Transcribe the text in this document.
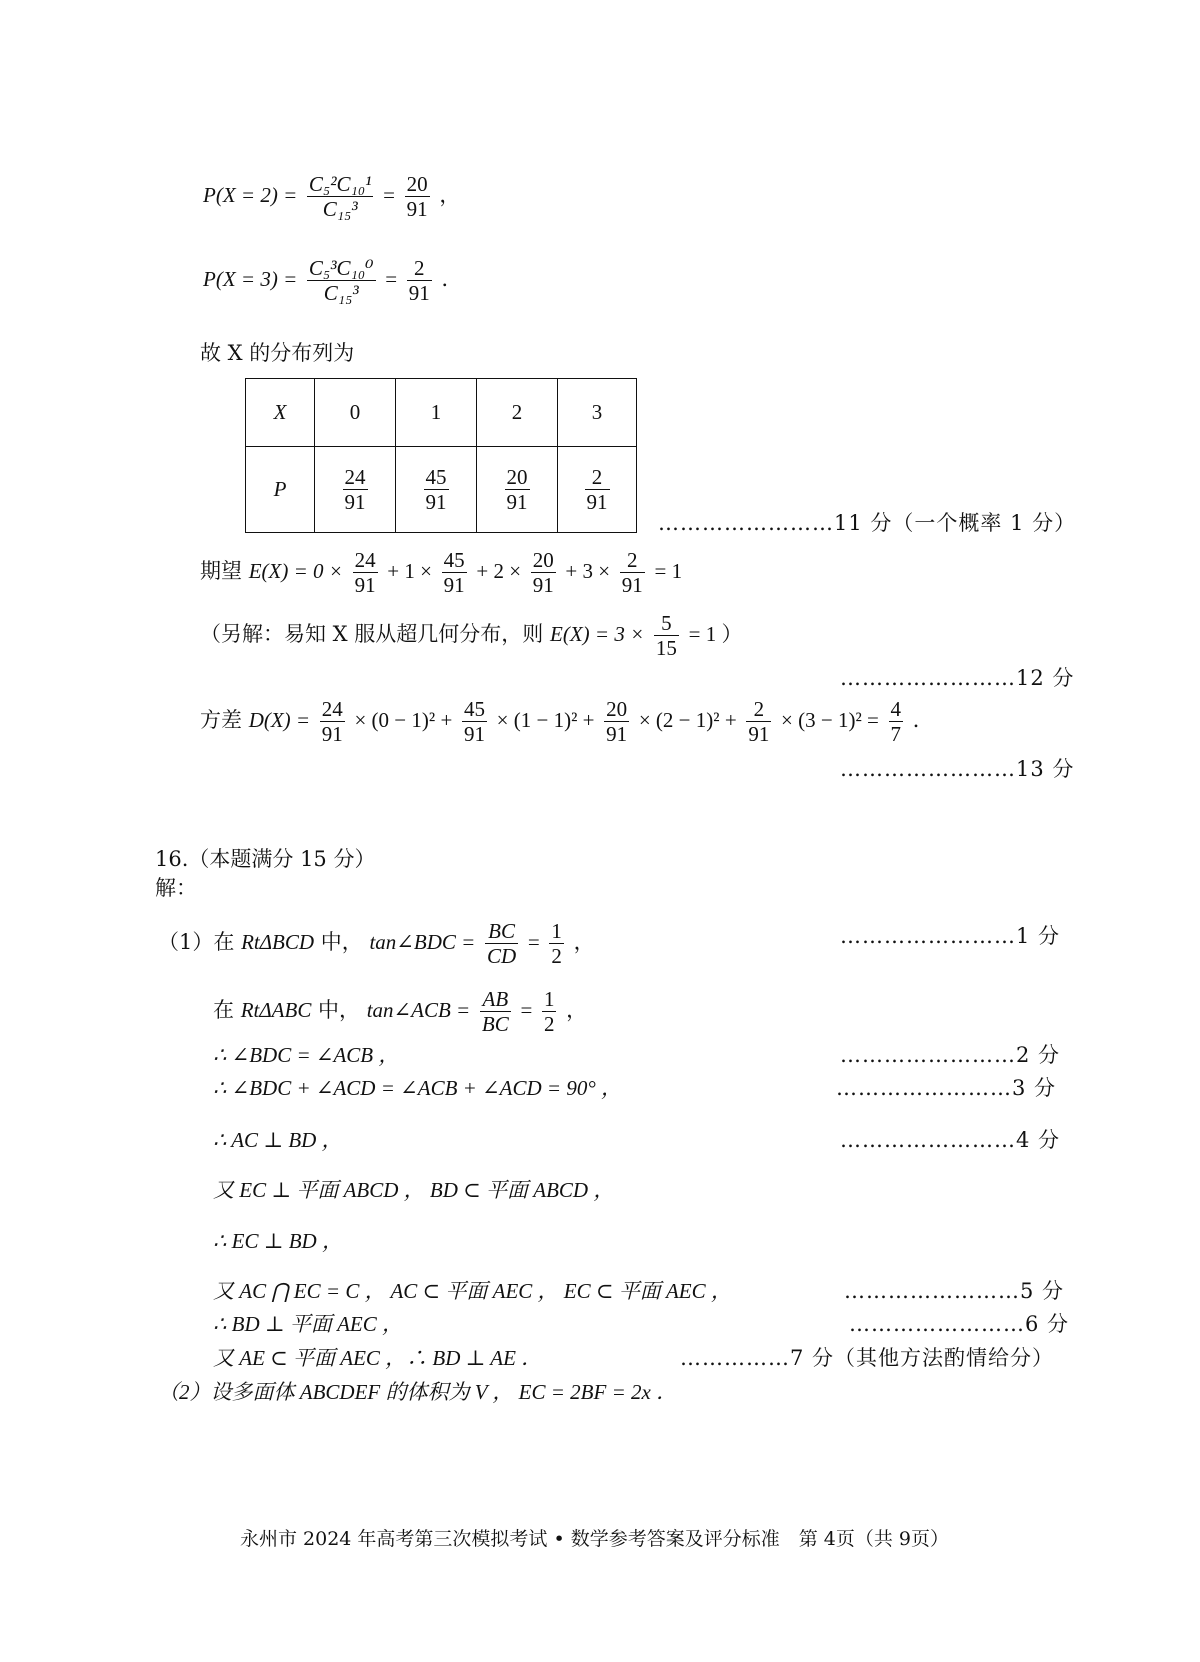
$P(X = 2) = \frac{\text{C₅²C₁₀¹}}{\text{C₁₅³}} = \frac{20}{91}$ ，
$P(X = 3) = \frac{\text{C₅³C₁₀⁰}}{\text{C₁₅³}} = \frac{2}{91}$ ．
故 X 的分布列为
X	0	1	2	3
P	$\frac{24}{91}$	$\frac{45}{91}$	$\frac{20}{91}$	$\frac{2}{91}$
……………………11 分（一个概率 1 分）
期望 $E(X) = 0 \times \frac{24}{91} + 1 \times \frac{45}{91} + 2 \times \frac{20}{91} + 3 \times \frac{2}{91} = 1$
（另解：易知 X 服从超几何分布，则 $E(X) = 3 \times \frac{5}{15} = 1$ ）
……………………12 分
方差 $D(X) = \frac{24}{91} \times (0 - 1)^2 + \frac{45}{91} \times (1 - 1)^2 + \frac{20}{91} \times (2 - 1)^2 + \frac{2}{91} \times (3 - 1)^2 = \frac{4}{7}$ ．
……………………13 分
16.（本题满分 15 分）
解：
（1）在 RtΔBCD 中， tan∠BDC = $\frac{BC}{CD} = \frac{1}{2}$ ，	……………………1 分
在 RtΔABC 中， tan∠ACB = $\frac{AB}{BC} = \frac{1}{2}$ ，
∴ ∠BDC = ∠ACB ，	……………………2 分
∴ ∠BDC + ∠ACD = ∠ACB + ∠ACD = 90° ，	……………………3 分
∴ AC ⊥ BD ，	……………………4 分
又 EC ⊥ 平面 ABCD ， BD ⊂ 平面 ABCD ，
∴ EC ⊥ BD ，
又 AC ⋂ EC = C ， AC ⊂ 平面 AEC ， EC ⊂ 平面 AEC ，	……………………5 分
∴ BD ⊥ 平面 AEC ，	……………………6 分
又 AE ⊂ 平面 AEC ，∴ BD ⊥ AE ．	……………7 分（其他方法酌情给分）
（2）设多面体 ABCDEF 的体积为 V ， EC = 2BF = 2x ．
永州市 2024 年高考第三次模拟考试 • 数学参考答案及评分标准　第 4页（共 9页）
